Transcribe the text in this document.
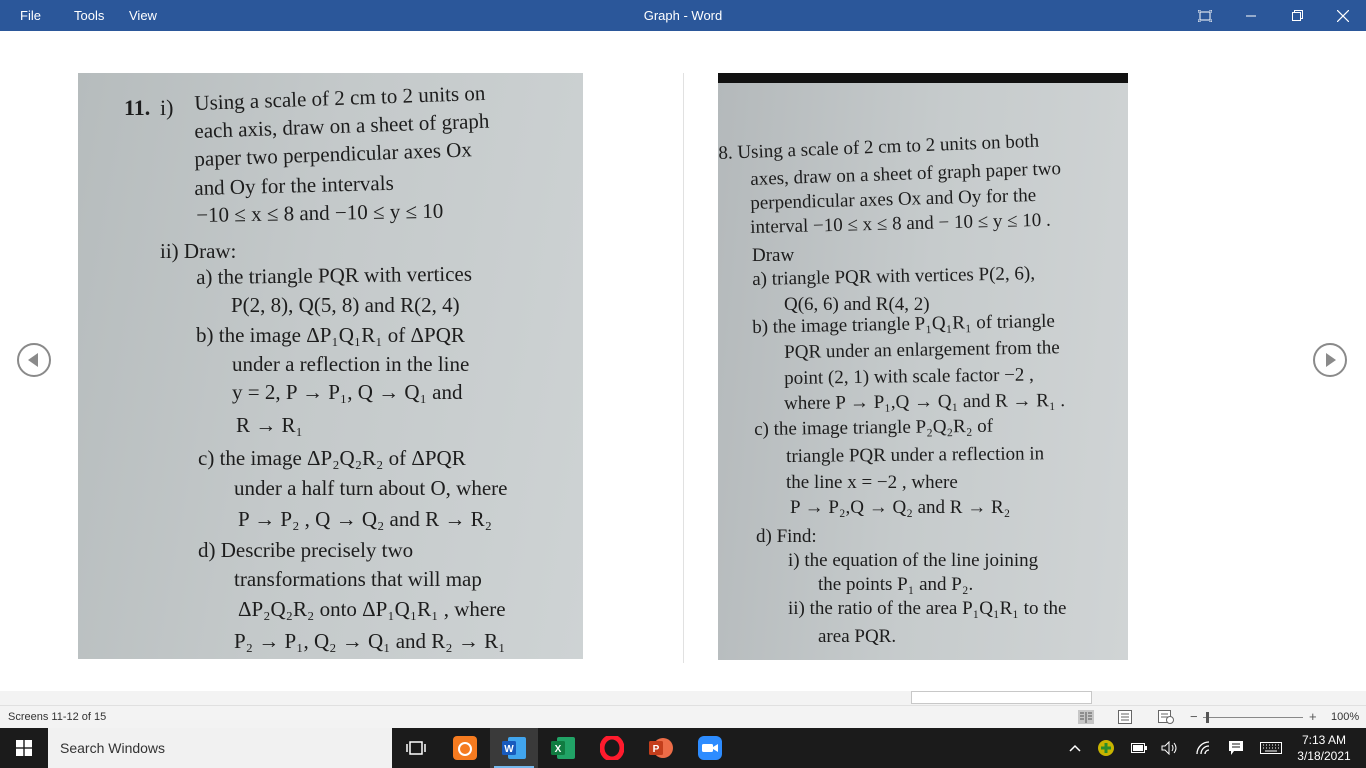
File	Tools View	Graph - Word
11. i) Using a scale of 2 cm to 2 units on
each axis, draw on a sheet of graph
paper two perpendicular axes Ox
and Oy for the intervals
−10 ≤ x ≤ 8 and −10 ≤ y ≤ 10
ii) Draw:
a) the triangle PQR with vertices
P(2, 8), Q(5, 8) and R(2, 4)
b) the image ΔP₁Q₁R₁ of ΔPQR
under a reflection in the line
y = 2, P → P₁, Q → Q₁ and
R → R₁
c) the image ΔP₂Q₂R₂ of ΔPQR
under a half turn about O, where
P → P₂ , Q → Q₂ and R → R₂
d) Describe precisely two
transformations that will map
ΔP₂Q₂R₂ onto ΔP₁Q₁R₁ , where
P₂ → P₁, Q₂ → Q₁ and R₂ → R₁
8. Using a scale of 2 cm to 2 units on both
axes, draw on a sheet of graph paper two
perpendicular axes Ox and Oy for the
interval −10 ≤ x ≤ 8 and − 10 ≤ y ≤ 10 .
Draw
a) triangle PQR with vertices P(2, 6),
Q(6, 6) and R(4, 2)
b) the image triangle P₁Q₁R₁ of triangle
PQR under an enlargement from the
point (2, 1) with scale factor −2 ,
where P → P₁,Q → Q₁ and R → R₁ .
c) the image triangle P₂Q₂R₂ of
triangle PQR under a reflection in
the line x = −2 , where
P → P₂,Q → Q₂ and R → R₂
d) Find:
i) the equation of the line joining
the points P₁ and P₂.
ii) the ratio of the area P₁Q₁R₁ to the
area PQR.
Screens 11-12 of 15	−	+ 100%
Search Windows	W	X	P
7:13 AM
3/18/2021
